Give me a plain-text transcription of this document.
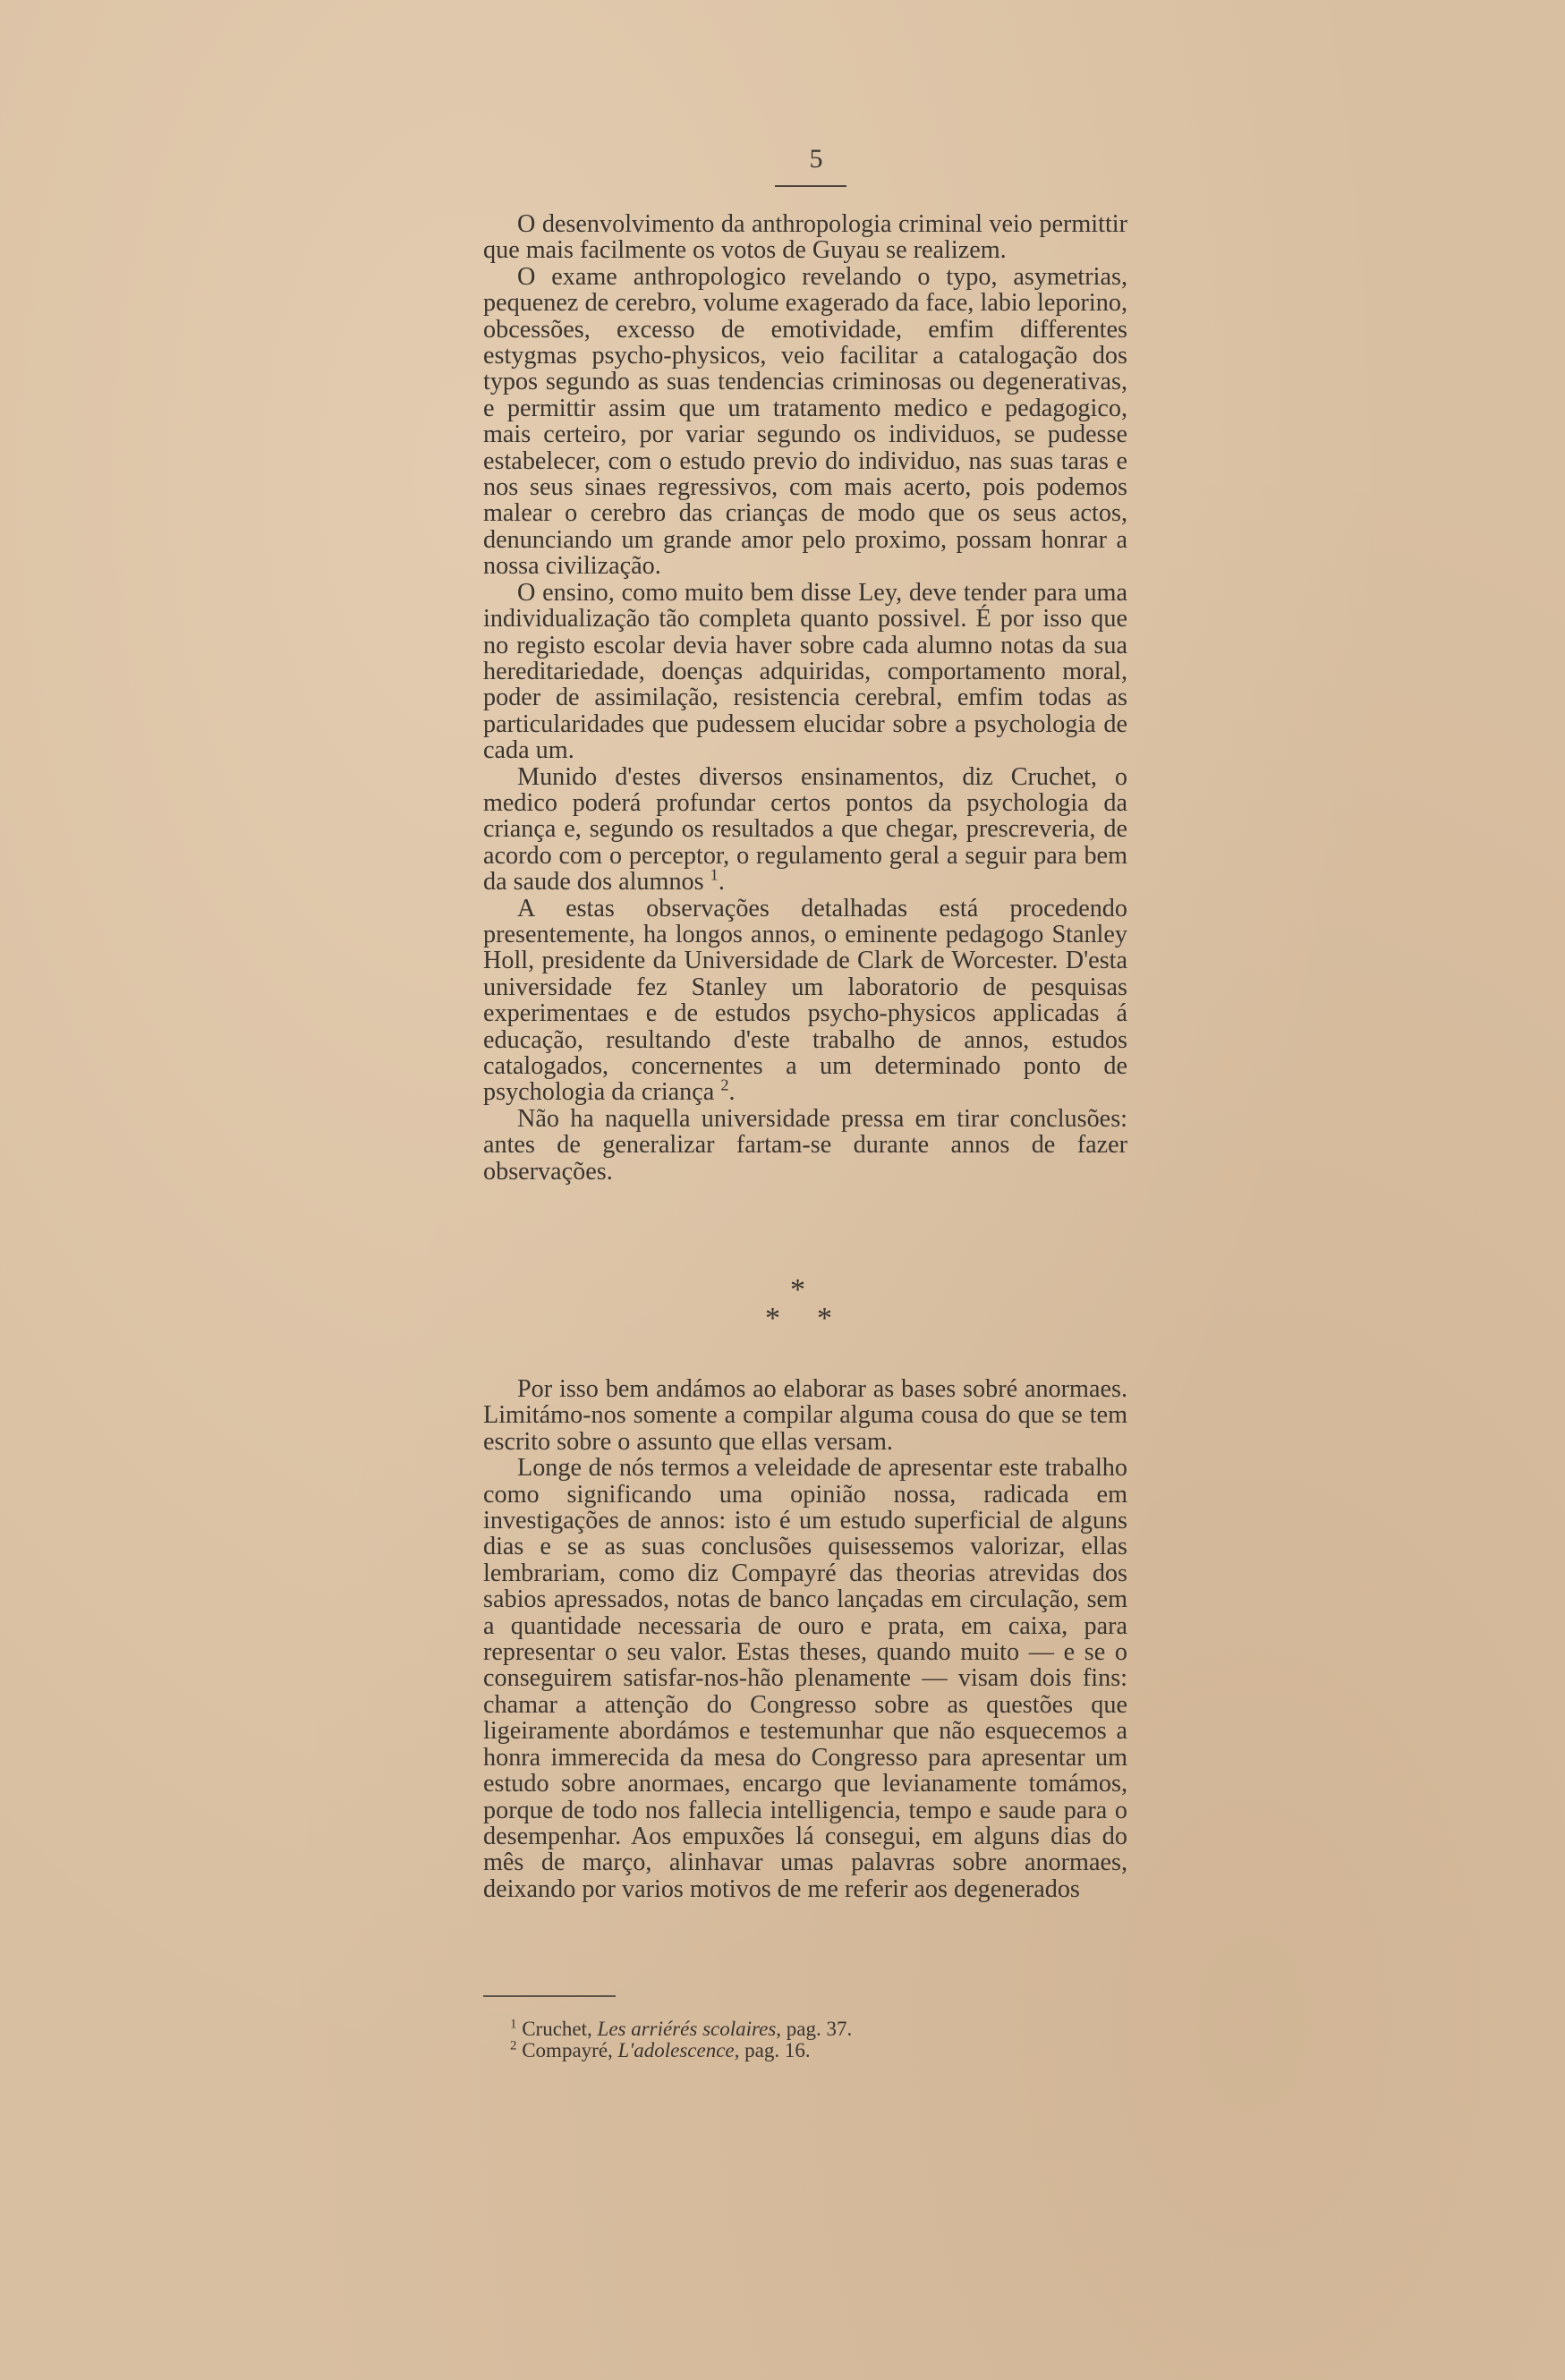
5

O desenvolvimento da anthropologia criminal veio permittir que mais facilmente os votos de Guyau se realizem.

O exame anthropologico revelando o typo, asymetrias, pequenez de cerebro, volume exagerado da face, labio leporino, obcessões, excesso de emotividade, emfim differentes estygmas psycho-physicos, veio facilitar a catalogação dos typos segundo as suas tendencias criminosas ou degenerativas, e permittir assim que um tratamento medico e pedagogico, mais certeiro, por variar segundo os individuos, se pudesse estabelecer, com o estudo previo do individuo, nas suas taras e nos seus sinaes regressivos, com mais acerto, pois podemos malear o cerebro das crianças de modo que os seus actos, denunciando um grande amor pelo proximo, possam honrar a nossa civilização.

O ensino, como muito bem disse Ley, deve tender para uma individualização tão completa quanto possivel. É por isso que no registo escolar devia haver sobre cada alumno notas da sua hereditariedade, doenças adquiridas, comportamento moral, poder de assimilação, resistencia cerebral, emfim todas as particularidades que pudessem elucidar sobre a psychologia de cada um.

Munido d'estes diversos ensinamentos, diz Cruchet, o medico poderá profundar certos pontos da psychologia da criança e, segundo os resultados a que chegar, prescreveria, de acordo com o perceptor, o regulamento geral a seguir para bem da saude dos alumnos $^1$.

A estas observações detalhadas está procedendo presentemente, ha longos annos, o eminente pedagogo Stanley Holl, presidente da Universidade de Clark de Worcester. D'esta universidade fez Stanley um laboratorio de pesquisas experimentaes e de estudos psycho-physicos applicadas á educação, resultando d'este trabalho de annos, estudos catalogados, concernentes a um determinado ponto de psychologia da criança $^2$.

Não ha naquella universidade pressa em tirar conclusões: antes de generalizar fartam-se durante annos de fazer observações.

*
* *

Por isso bem andámos ao elaborar as bases sobré anormaes. Limitámo-nos somente a compilar alguma cousa do que se tem escrito sobre o assunto que ellas versam.

Longe de nós termos a veleidade de apresentar este trabalho como significando uma opinião nossa, radicada em investigações de annos: isto é um estudo superficial de alguns dias e se as suas conclusões quisessemos valorizar, ellas lembrariam, como diz Compayré das theorias atrevidas dos sabios apressados, notas de banco lançadas em circulação, sem a quantidade necessaria de ouro e prata, em caixa, para representar o seu valor. Estas theses, quando muito — e se o conseguirem satisfar-nos-hão plenamente — visam dois fins: chamar a attenção do Congresso sobre as questões que ligeiramente abordámos e testemunhar que não esquecemos a honra immerecida da mesa do Congresso para apresentar um estudo sobre anormaes, encargo que levianamente tomámos, porque de todo nos fallecia intelligencia, tempo e saude para o desempenhar. Aos empuxões lá consegui, em alguns dias do mês de março, alinhavar umas palavras sobre anormaes, deixando por varios motivos de me referir aos degenerados

$^1$ Cruchet, Les arriérés scolaires, pag. 37.

$^2$ Compayré, L'adolescence, pag. 16.
